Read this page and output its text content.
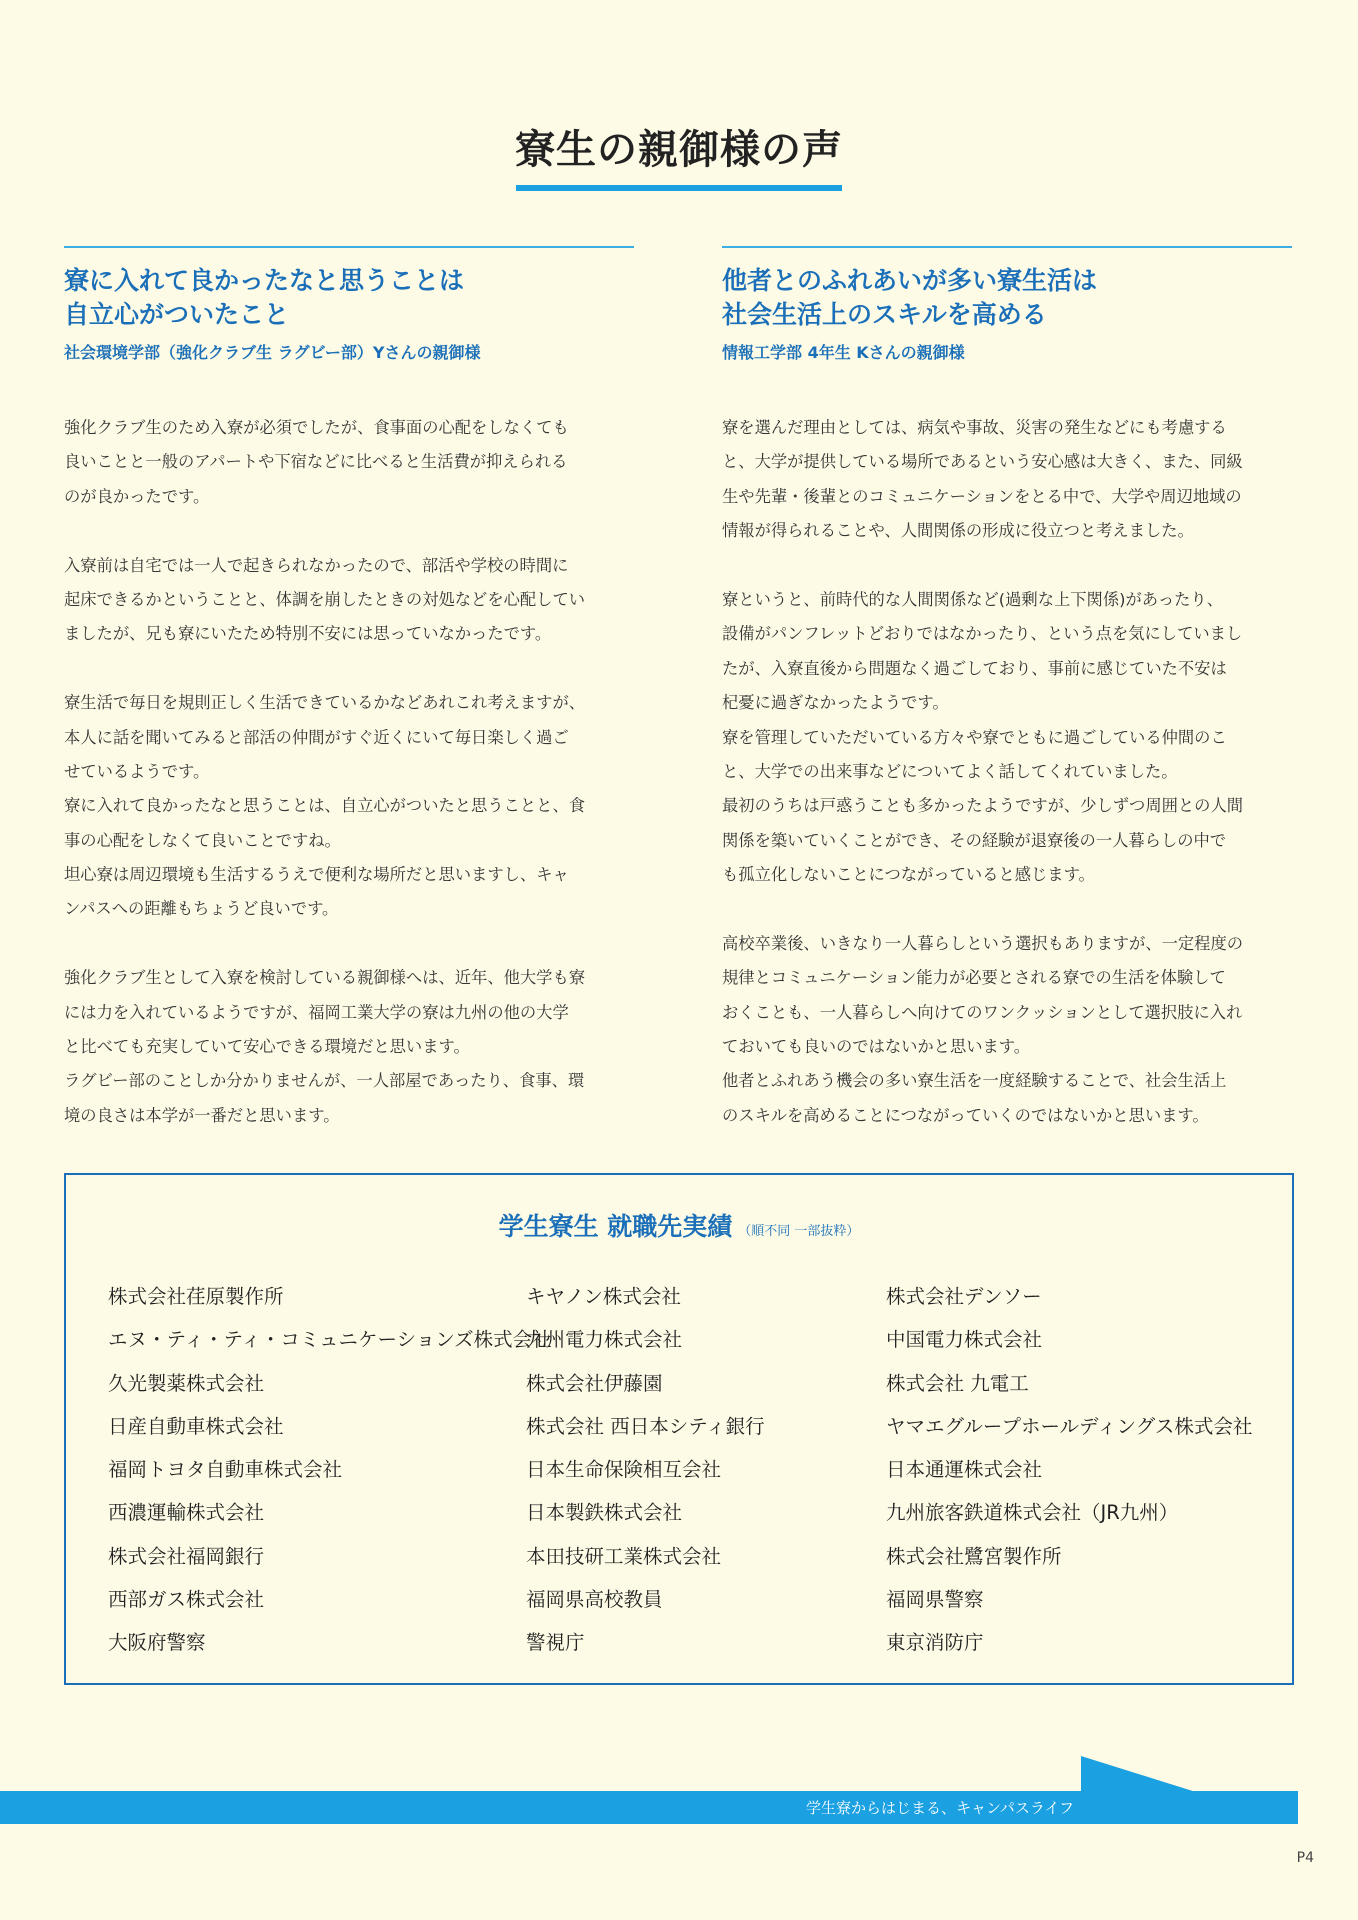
寮生の親御様の声
寮に入れて良かったなと思うことは
自立心がついたこと
社会環境学部（強化クラブ生 ラグビー部）Yさんの親御様
強化クラブ生のため入寮が必須でしたが、食事面の心配をしなくても
良いことと一般のアパートや下宿などに比べると生活費が抑えられる
のが良かったです。
入寮前は自宅では一人で起きられなかったので、部活や学校の時間に
起床できるかということと、体調を崩したときの対処などを心配してい
ましたが、兄も寮にいたため特別不安には思っていなかったです。
寮生活で毎日を規則正しく生活できているかなどあれこれ考えますが、
本人に話を聞いてみると部活の仲間がすぐ近くにいて毎日楽しく過ご
せているようです。
寮に入れて良かったなと思うことは、自立心がついたと思うことと、食
事の心配をしなくて良いことですね。
坦心寮は周辺環境も生活するうえで便利な場所だと思いますし、キャ
ンパスへの距離もちょうど良いです。
強化クラブ生として入寮を検討している親御様へは、近年、他大学も寮
には力を入れているようですが、福岡工業大学の寮は九州の他の大学
と比べても充実していて安心できる環境だと思います。
ラグビー部のことしか分かりませんが、一人部屋であったり、食事、環
境の良さは本学が一番だと思います。
他者とのふれあいが多い寮生活は
社会生活上のスキルを高める
情報工学部 4年生 Kさんの親御様
寮を選んだ理由としては、病気や事故、災害の発生などにも考慮する
と、大学が提供している場所であるという安心感は大きく、また、同級
生や先輩・後輩とのコミュニケーションをとる中で、大学や周辺地域の
情報が得られることや、人間関係の形成に役立つと考えました。
寮というと、前時代的な人間関係など(過剰な上下関係)があったり、
設備がパンフレットどおりではなかったり、という点を気にしていまし
たが、入寮直後から問題なく過ごしており、事前に感じていた不安は
杞憂に過ぎなかったようです。
寮を管理していただいている方々や寮でともに過ごしている仲間のこ
と、大学での出来事などについてよく話してくれていました。
最初のうちは戸惑うことも多かったようですが、少しずつ周囲との人間
関係を築いていくことができ、その経験が退寮後の一人暮らしの中で
も孤立化しないことにつながっていると感じます。
高校卒業後、いきなり一人暮らしという選択もありますが、一定程度の
規律とコミュニケーション能力が必要とされる寮での生活を体験して
おくことも、一人暮らしへ向けてのワンクッションとして選択肢に入れ
ておいても良いのではないかと思います。
他者とふれあう機会の多い寮生活を一度経験することで、社会生活上
のスキルを高めることにつながっていくのではないかと思います。
学生寮生 就職先実績 （順不同 一部抜粋）
株式会社荏原製作所
エヌ・ティ・ティ・コミュニケーションズ株式会社
久光製薬株式会社
日産自動車株式会社
福岡トヨタ自動車株式会社
西濃運輸株式会社
株式会社福岡銀行
西部ガス株式会社
大阪府警察
キヤノン株式会社
九州電力株式会社
株式会社伊藤園
株式会社 西日本シティ銀行
日本生命保険相互会社
日本製鉄株式会社
本田技研工業株式会社
福岡県高校教員
警視庁
株式会社デンソー
中国電力株式会社
株式会社 九電工
ヤマエグループホールディングス株式会社
日本通運株式会社
九州旅客鉄道株式会社（JR九州）
株式会社鷺宮製作所
福岡県警察
東京消防庁
学生寮からはじまる、キャンパスライフ
P4
